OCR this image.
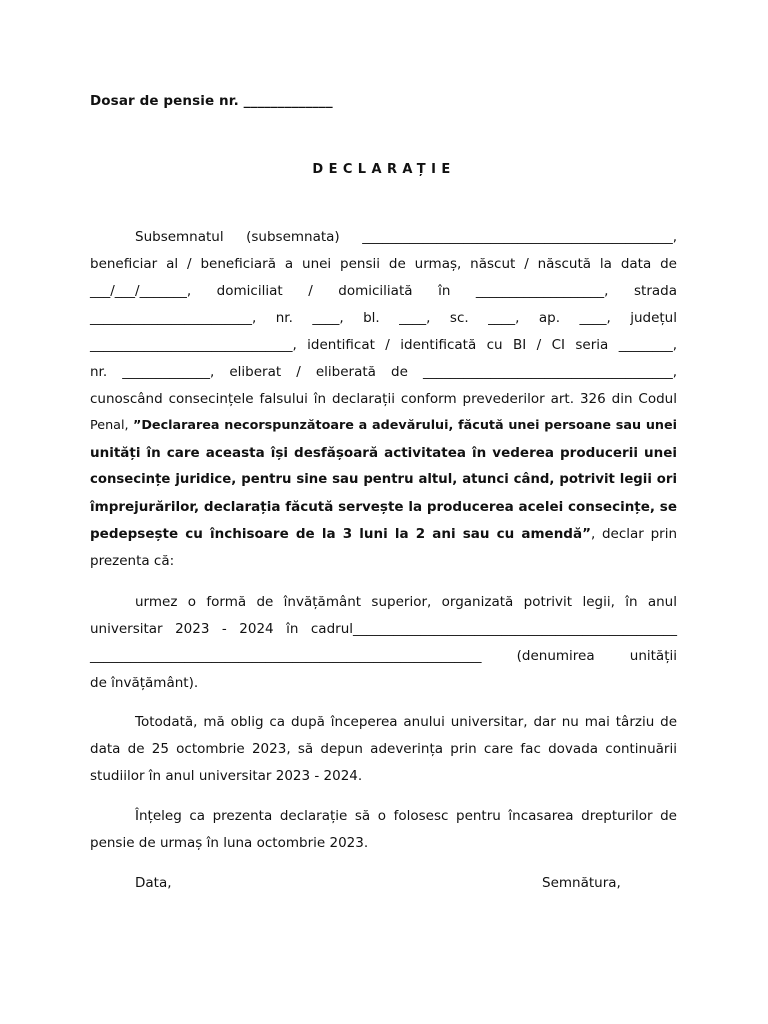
Dosar de pensie nr. _____________
DECLARAȚIE
Subsemnatul (subsemnata) ______________________________________________,
beneficiar al / beneficiară a unei pensii de urmaș, născut / născută la data de
___/___/_______, domiciliat / domiciliată în ___________________, strada
________________________, nr. ____, bl. ____, sc. ____, ap. ____, județul
______________________________, identificat / identificată cu BI / CI seria ________,
nr. _____________, eliberat / eliberată de _____________________________________,
cunoscând consecințele falsului în declarații conform prevederilor art. 326 din Codul
Penal, ”Declararea necorspunzătoare a adevărului, făcută unei persoane sau unei
unități în care aceasta își desfășoară activitatea în vederea producerii unei
consecințe juridice, pentru sine sau pentru altul, atunci când, potrivit legii ori
împrejurărilor, declarația făcută servește la producerea acelei consecințe, se
pedepsește cu închisoare de la 3 luni la 2 ani sau cu amendă”, declar prin
prezenta că:
urmez o formă de învățământ superior, organizată potrivit legii, în anul
universitar 2023 - 2024 în cadrul________________________________________________
__________________________________________________________ (denumirea unității
de învățământ).
Totodată, mă oblig ca după începerea anului universitar, dar nu mai târziu de
data de 25 octombrie 2023, să depun adeverința prin care fac dovada continuării
studiilor în anul universitar 2023 - 2024.
Înțeleg ca prezenta declarație să o folosesc pentru încasarea drepturilor de
pensie de urmaș în luna octombrie 2023.
Data,	Semnătura,
